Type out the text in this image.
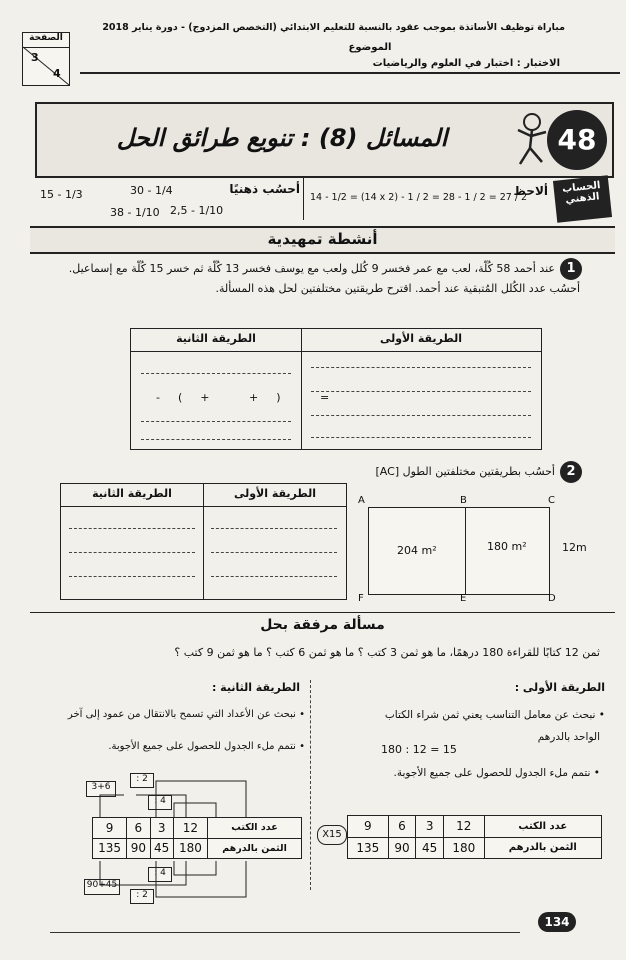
مباراة توظيف الأساتذة بموجب عقود بالنسبة للتعليم الابتدائي (التخصص المزدوج) - دورة يناير 2018
الموضوع
الاختبار : اختبار في العلوم والرياضيات
الصفحة
3
4
المسائل (8) : تنويع طرائق الحل	48
الحساب الذهني
ألاحظ
14 - 1/2 = (14 x 2) - 1 / 2 = 28 - 1 / 2 = 27 / 2
أحسُب ذهنيًا
30 - 1/4
15 - 1/3
2,5 - 1/10
38 - 1/10
أنشطة تمهيدية
1
عند أحمد 58 كُلّة، لعب مع عمر فخسر 9 كُلل ولعب مع يوسف فخسر 13 كُلّة ثم خسر 15 كُلّة مع إسماعيل.
أحسُب عدد الكُلل المُتبقية عند أحمد. اقترح طريقتين مختلفتين لحل هذه المسألة.
الطريقة الأولى
الطريقة الثانية
-(+ +) =
2
أحسُب بطريقتين مختلفتين الطول [AC]
الطريقة الأولى
الطريقة الثانية
204 m²	180 m²
A	B	C
F	E	D
12m
مسألة مرفقة بحل
ثمن 12 كتابًا للقراءة 180 درهمًا، ما هو ثمن 3 كتب ؟ ما هو ثمن 6 كتب ؟ ما هو ثمن 9 كتب ؟
الطريقة الأولى :
• نبحث عن معامل التناسب يعني ثمن شراء الكتاب
الواحد بالدرهم
180 : 12 = 15
• نتمم ملء الجدول للحصول على جميع الأجوبة.
9	6	3	12	عدد الكتب
135	90	45	180	الثمن بالدرهم
X15
الطريقة الثانية :
• نبحث عن الأعداد التي تسمح بالانتقال من عمود إلى آخر
• نتمم ملء الجدول للحصول على جميع الأجوبة.
9	6	3	12	عدد الكتب
135	90	45	180	الثمن بالدرهم
: 2
: 4
3+6
: 4
: 2
90+45
134
